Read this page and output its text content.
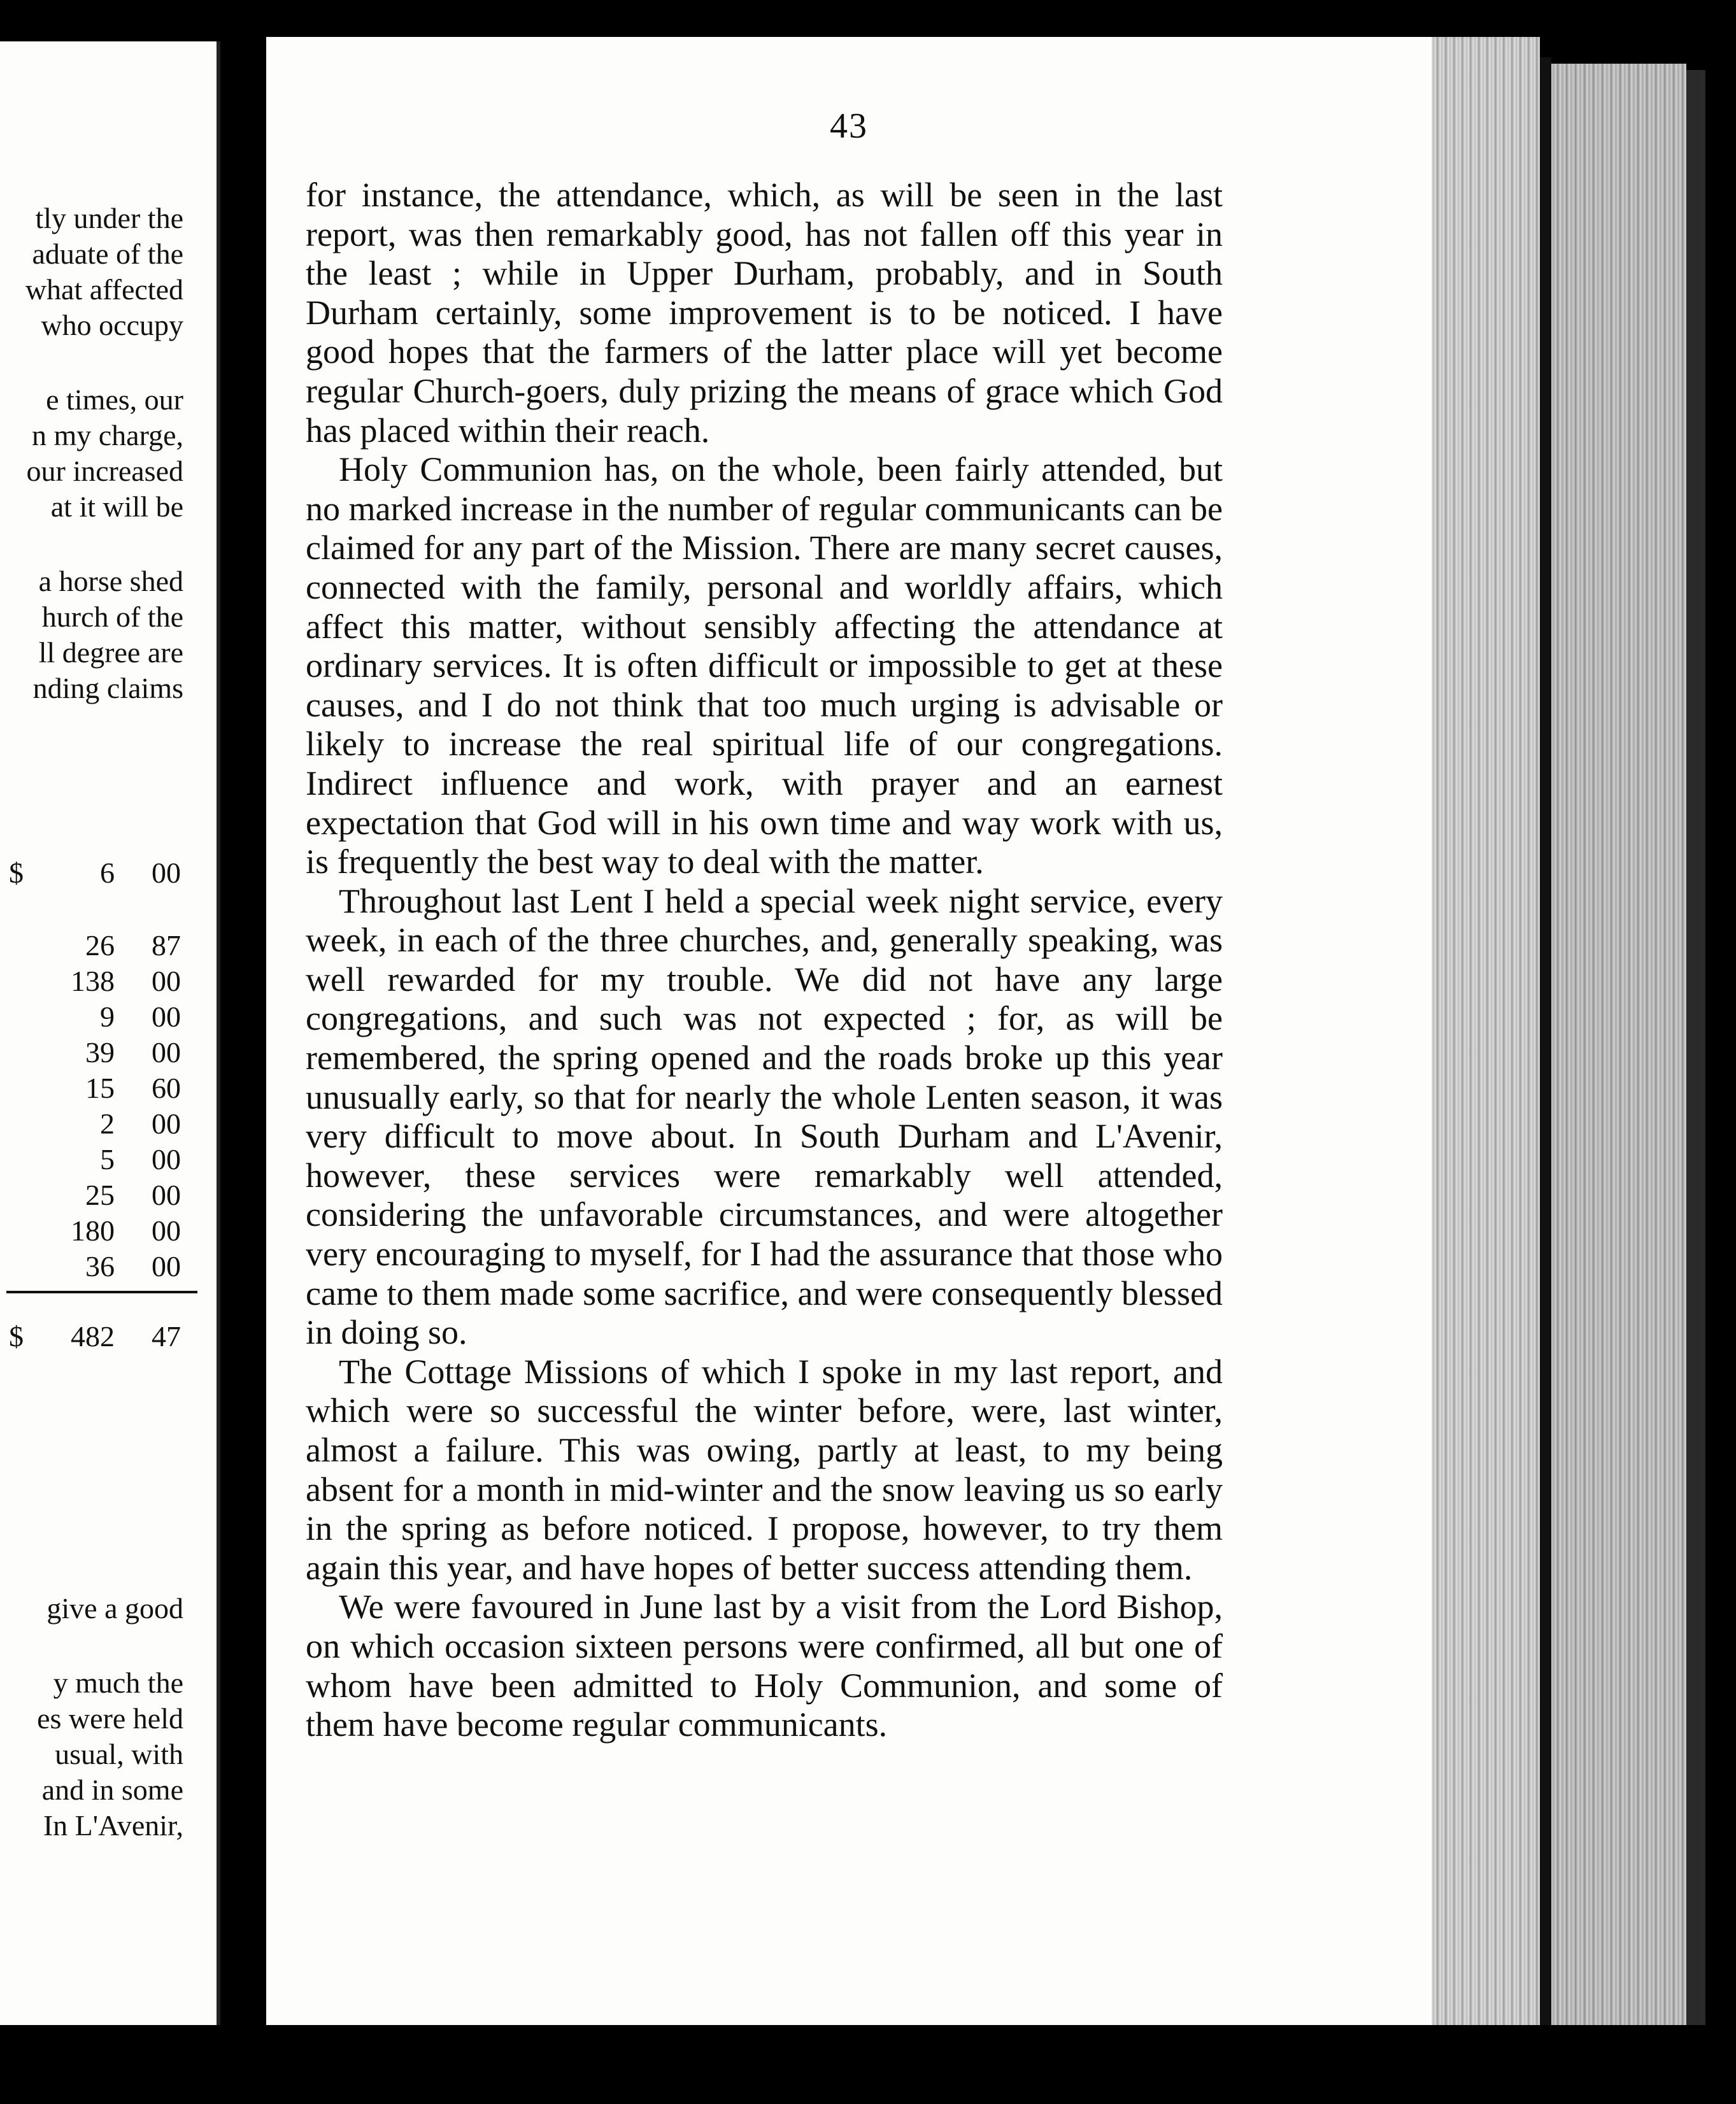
tly under the
aduate of the
what affected
who occupy
e times, our
n my charge,
our increased
at it will be
a horse shed
hurch of the
ll degree are
nding claims
$	6 00
26 87
138 00
9 00
39 00
15 60
2 00
5 00
25 00
180 00
36 00
$	482 47
give a good
y much the
es were held
usual, with
and in some
In L'Avenir,
43

for instance, the attendance, which, as will be seen in the last report, was then remarkably good, has not fallen off this year in the least ; while in Upper Durham, probably, and in South Durham certainly, some improvement is to be noticed. I have good hopes that the farmers of the latter place will yet become regular Church-goers, duly prizing the means of grace which God has placed within their reach.

Holy Communion has, on the whole, been fairly attended, but no marked increase in the number of regular communicants can be claimed for any part of the Mission. There are many secret causes, connected with the family, personal and worldly affairs, which affect this matter, without sensibly affecting the attendance at ordinary services. It is often difficult or impossible to get at these causes, and I do not think that too much urging is advisable or likely to increase the real spiritual life of our congregations. Indirect influence and work, with prayer and an earnest expectation that God will in his own time and way work with us, is frequently the best way to deal with the matter.

Throughout last Lent I held a special week night service, every week, in each of the three churches, and, generally speaking, was well rewarded for my trouble. We did not have any large congregations, and such was not expected ; for, as will be remembered, the spring opened and the roads broke up this year unusually early, so that for nearly the whole Lenten season, it was very difficult to move about. In South Durham and L'Avenir, however, these services were remarkably well attended, considering the unfavorable circumstances, and were altogether very encouraging to myself, for I had the assurance that those who came to them made some sacrifice, and were consequently blessed in doing so.

The Cottage Missions of which I spoke in my last report, and which were so successful the winter before, were, last winter, almost a failure. This was owing, partly at least, to my being absent for a month in mid-winter and the snow leaving us so early in the spring as before noticed. I propose, however, to try them again this year, and have hopes of better success attending them.

We were favoured in June last by a visit from the Lord Bishop, on which occasion sixteen persons were confirmed, all but one of whom have been admitted to Holy Communion, and some of them have become regular communicants.
